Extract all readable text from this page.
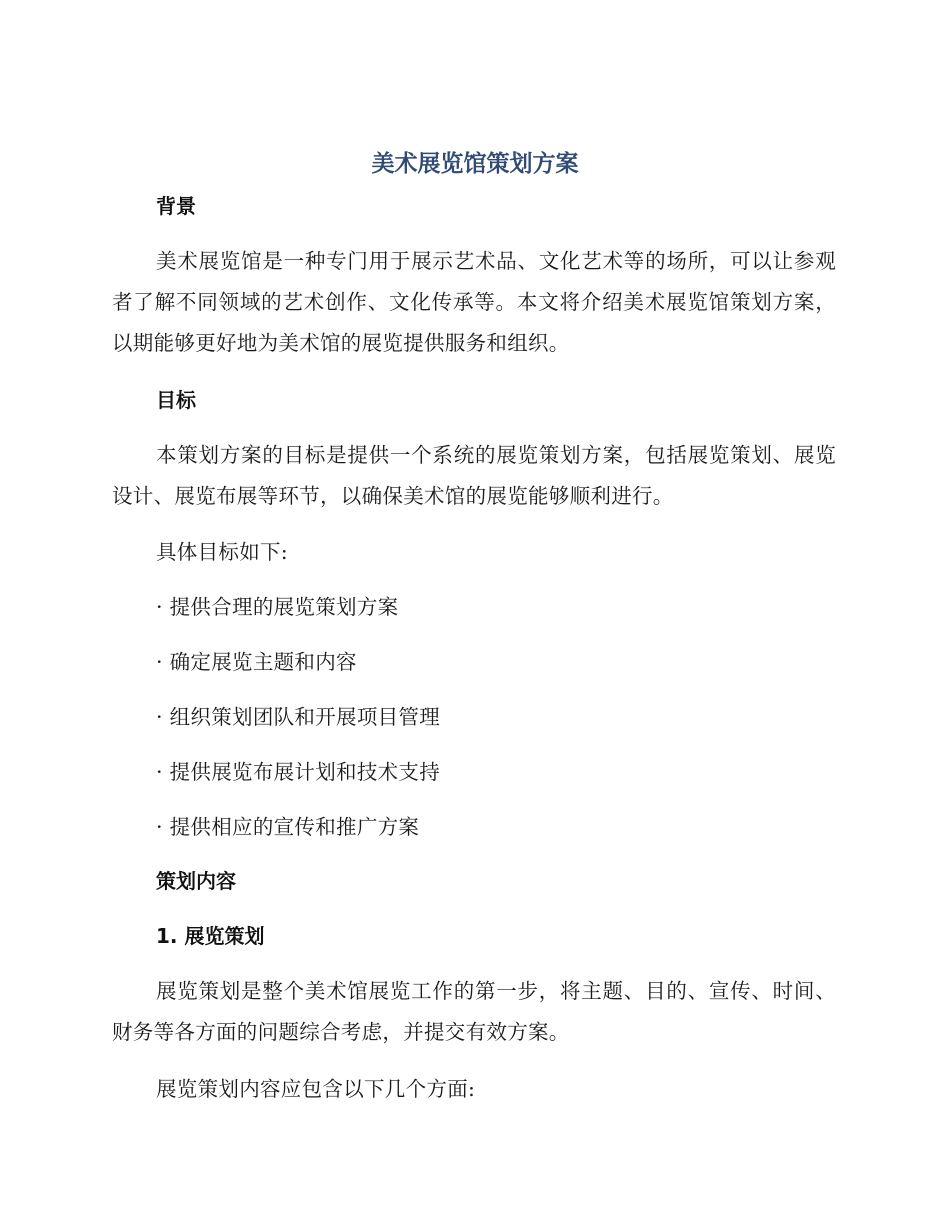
美术展览馆策划方案
背景
美术展览馆是一种专门用于展示艺术品、文化艺术等的场所，可以让参观者了解不同领域的艺术创作、文化传承等。本文将介绍美术展览馆策划方案，以期能够更好地为美术馆的展览提供服务和组织。
目标
本策划方案的目标是提供一个系统的展览策划方案，包括展览策划、展览设计、展览布展等环节，以确保美术馆的展览能够顺利进行。
具体目标如下:
· 提供合理的展览策划方案
· 确定展览主题和内容
· 组织策划团队和开展项目管理
· 提供展览布展计划和技术支持
· 提供相应的宣传和推广方案
策划内容
1. 展览策划
展览策划是整个美术馆展览工作的第一步，将主题、目的、宣传、时间、财务等各方面的问题综合考虑，并提交有效方案。
展览策划内容应包含以下几个方面:
